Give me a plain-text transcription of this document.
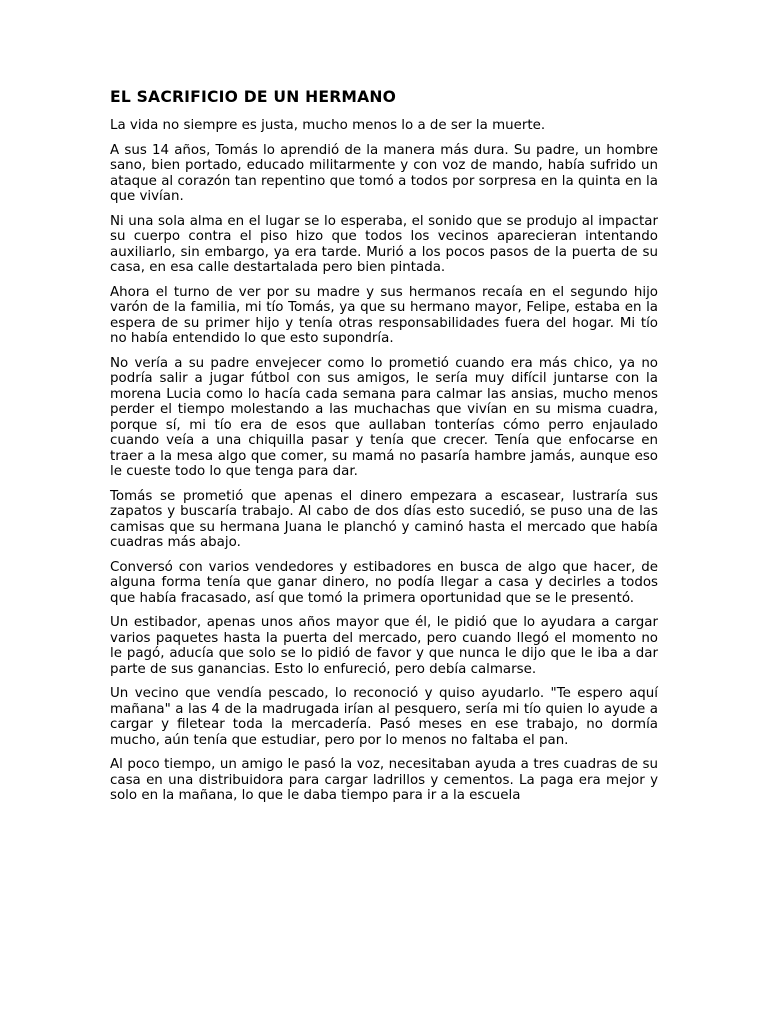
EL SACRIFICIO DE UN HERMANO

La vida no siempre es justa, mucho menos lo a de ser la muerte.

A sus 14 años, Tomás lo aprendió de la manera más dura. Su padre, un hombre sano, bien portado, educado militarmente y con voz de mando, había sufrido un ataque al corazón tan repentino que tomó a todos por sorpresa en la quinta en la que vivían.

Ni una sola alma en el lugar se lo esperaba, el sonido que se produjo al impactar su cuerpo contra el piso hizo que todos los vecinos aparecieran intentando auxiliarlo, sin embargo, ya era tarde. Murió a los pocos pasos de la puerta de su casa, en esa calle destartalada pero bien pintada.

Ahora el turno de ver por su madre y sus hermanos recaía en el segundo hijo varón de la familia, mi tío Tomás, ya que su hermano mayor, Felipe, estaba en la espera de su primer hijo y tenía otras responsabilidades fuera del hogar. Mi tío no había entendido lo que esto supondría.

No vería a su padre envejecer como lo prometió cuando era más chico, ya no podría salir a jugar fútbol con sus amigos, le sería muy difícil juntarse con la morena Lucia como lo hacía cada semana para calmar las ansias, mucho menos perder el tiempo molestando a las muchachas que vivían en su misma cuadra, porque sí, mi tío era de esos que aullaban tonterías cómo perro enjaulado cuando veía a una chiquilla pasar y tenía que crecer. Tenía que enfocarse en traer a la mesa algo que comer, su mamá no pasaría hambre jamás, aunque eso le cueste todo lo que tenga para dar.

Tomás se prometió que apenas el dinero empezara a escasear, lustraría sus zapatos y buscaría trabajo. Al cabo de dos días esto sucedió, se puso una de las camisas que su hermana Juana le planchó y caminó hasta el mercado que había cuadras más abajo.

Conversó con varios vendedores y estibadores en busca de algo que hacer, de alguna forma tenía que ganar dinero, no podía llegar a casa y decirles a todos que había fracasado, así que tomó la primera oportunidad que se le presentó.

Un estibador, apenas unos años mayor que él, le pidió que lo ayudara a cargar varios paquetes hasta la puerta del mercado, pero cuando llegó el momento no le pagó, aducía que solo se lo pidió de favor y que nunca le dijo que le iba a dar parte de sus ganancias. Esto lo enfureció, pero debía calmarse.

Un vecino que vendía pescado, lo reconoció y quiso ayudarlo. "Te espero aquí mañana" a las 4 de la madrugada irían al pesquero, sería mi tío quien lo ayude a cargar y filetear toda la mercadería. Pasó meses en ese trabajo, no dormía mucho, aún tenía que estudiar, pero por lo menos no faltaba el pan.

Al poco tiempo, un amigo le pasó la voz, necesitaban ayuda a tres cuadras de su casa en una distribuidora para cargar ladrillos y cementos. La paga era mejor y solo en la mañana, lo que le daba tiempo para ir a la escuela
